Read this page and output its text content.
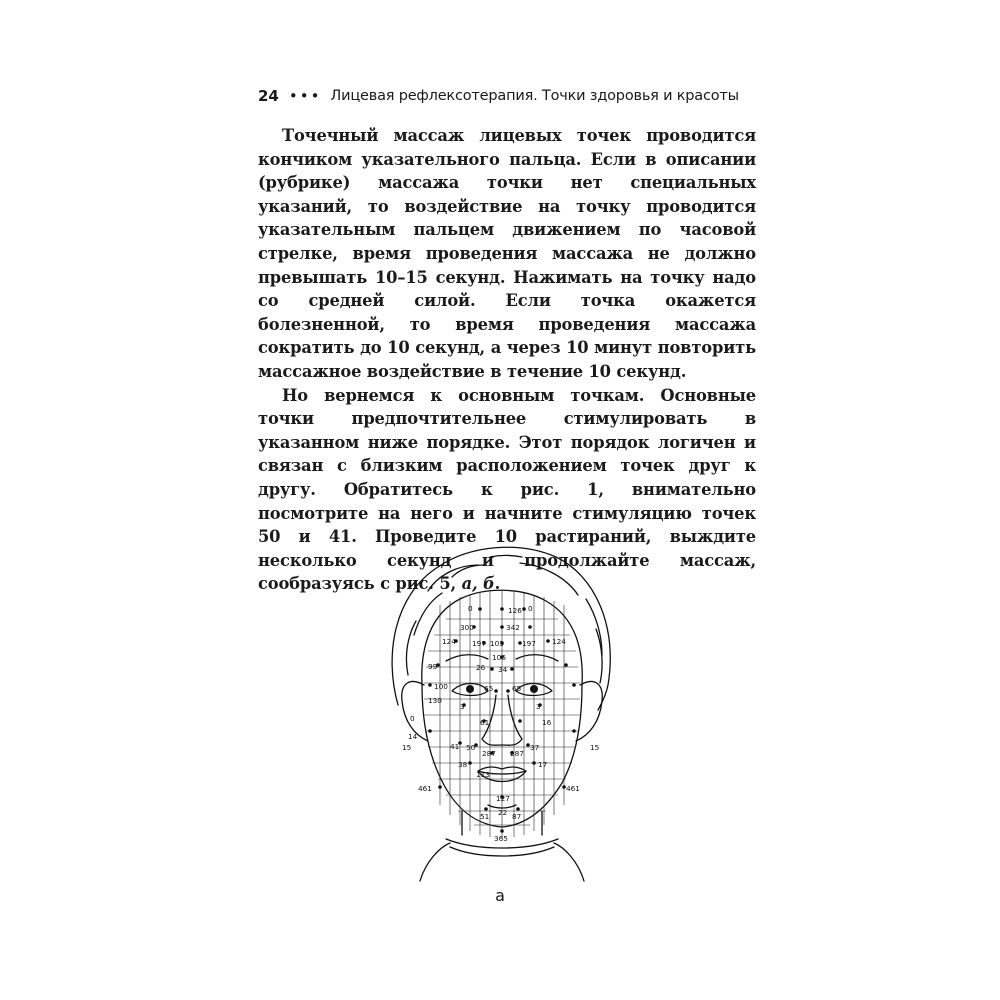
24 ••• Лицевая рефлексотерапия. Точки здоровья и красоты

Точечный массаж лицевых точек проводится кончиком указательного пальца. Если в описании (рубрике) массажа точки нет специальных указаний, то воздействие на точку проводится указательным пальцем движением по часовой стрелке, время проведения массажа не должно превышать 10–15 секунд. Нажимать на точку надо со средней силой. Если точка окажется болезненной, то время проведения массажа сократить до 10 секунд, а через 10 минут повторить массажное воздействие в течение 10 секунд.

Но вернемся к основным точкам. Основные точки предпочтительнее стимулировать в указанном ниже порядке. Этот порядок логичен и связан с близким расположением точек друг к другу. Обратитесь к рис. 1, внимательно посмотрите на него и начните стимуляцию точек 50 и 41. Проведите 10 растираний, выждите несколько секунд и продолжайте массаж, сообразуясь с рис. 5, а, б.

126
0	0
300	342
124	124
197 103 197
106
26 34
99
100	65	65
3	3
130
61	16
0
14
15	15
41 50
287 287
37
38
113
17
461	461
127
51 22 87
365
а
